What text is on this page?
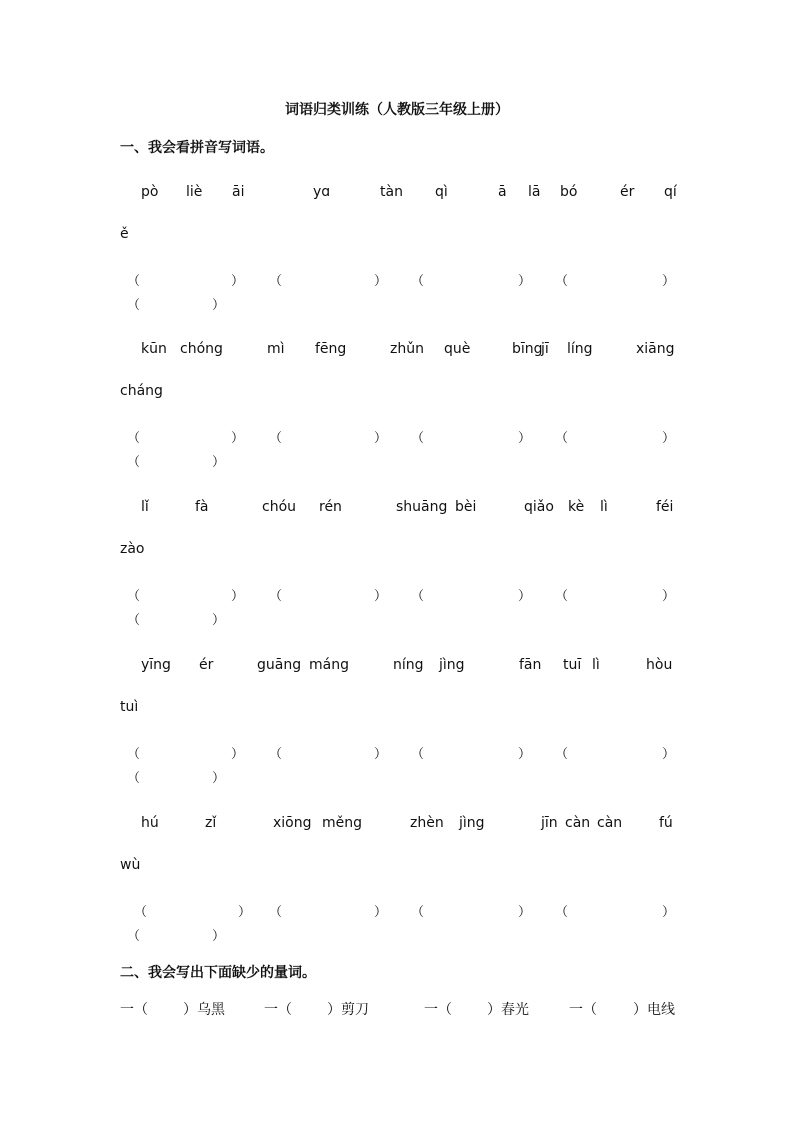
词语归类训练（人教版三年级上册）
一、我会看拼音写词语。
二、我会写出下面缺少的量词。
pò liè āi	yɑ	tàn qì	ā lā bó	ér qí
ě
（	） （	） （	） （	）
（	）
kūn chóng	mì fēng	zhǔn què	bīng
jī líng	xiāng
cháng
（	） （	） （	） （	）
（	）
lǐ	fà	chóu rén	shuāng bèi	qiǎo kè lì	féi
zào
（	） （	） （	） （	）
（	）
yīng ér	guāng máng	níng jìng	fān tuī lì	hòu
tuì
（	） （	） （	） （	）
（	）
hú	zǐ	xiōng měng	zhèn jìng	jīn càn càn	fú
wù
（	） （	） （	） （	）
（	）
一（	）乌黑	一（	）剪刀	一（	）春光	一（	）电线
